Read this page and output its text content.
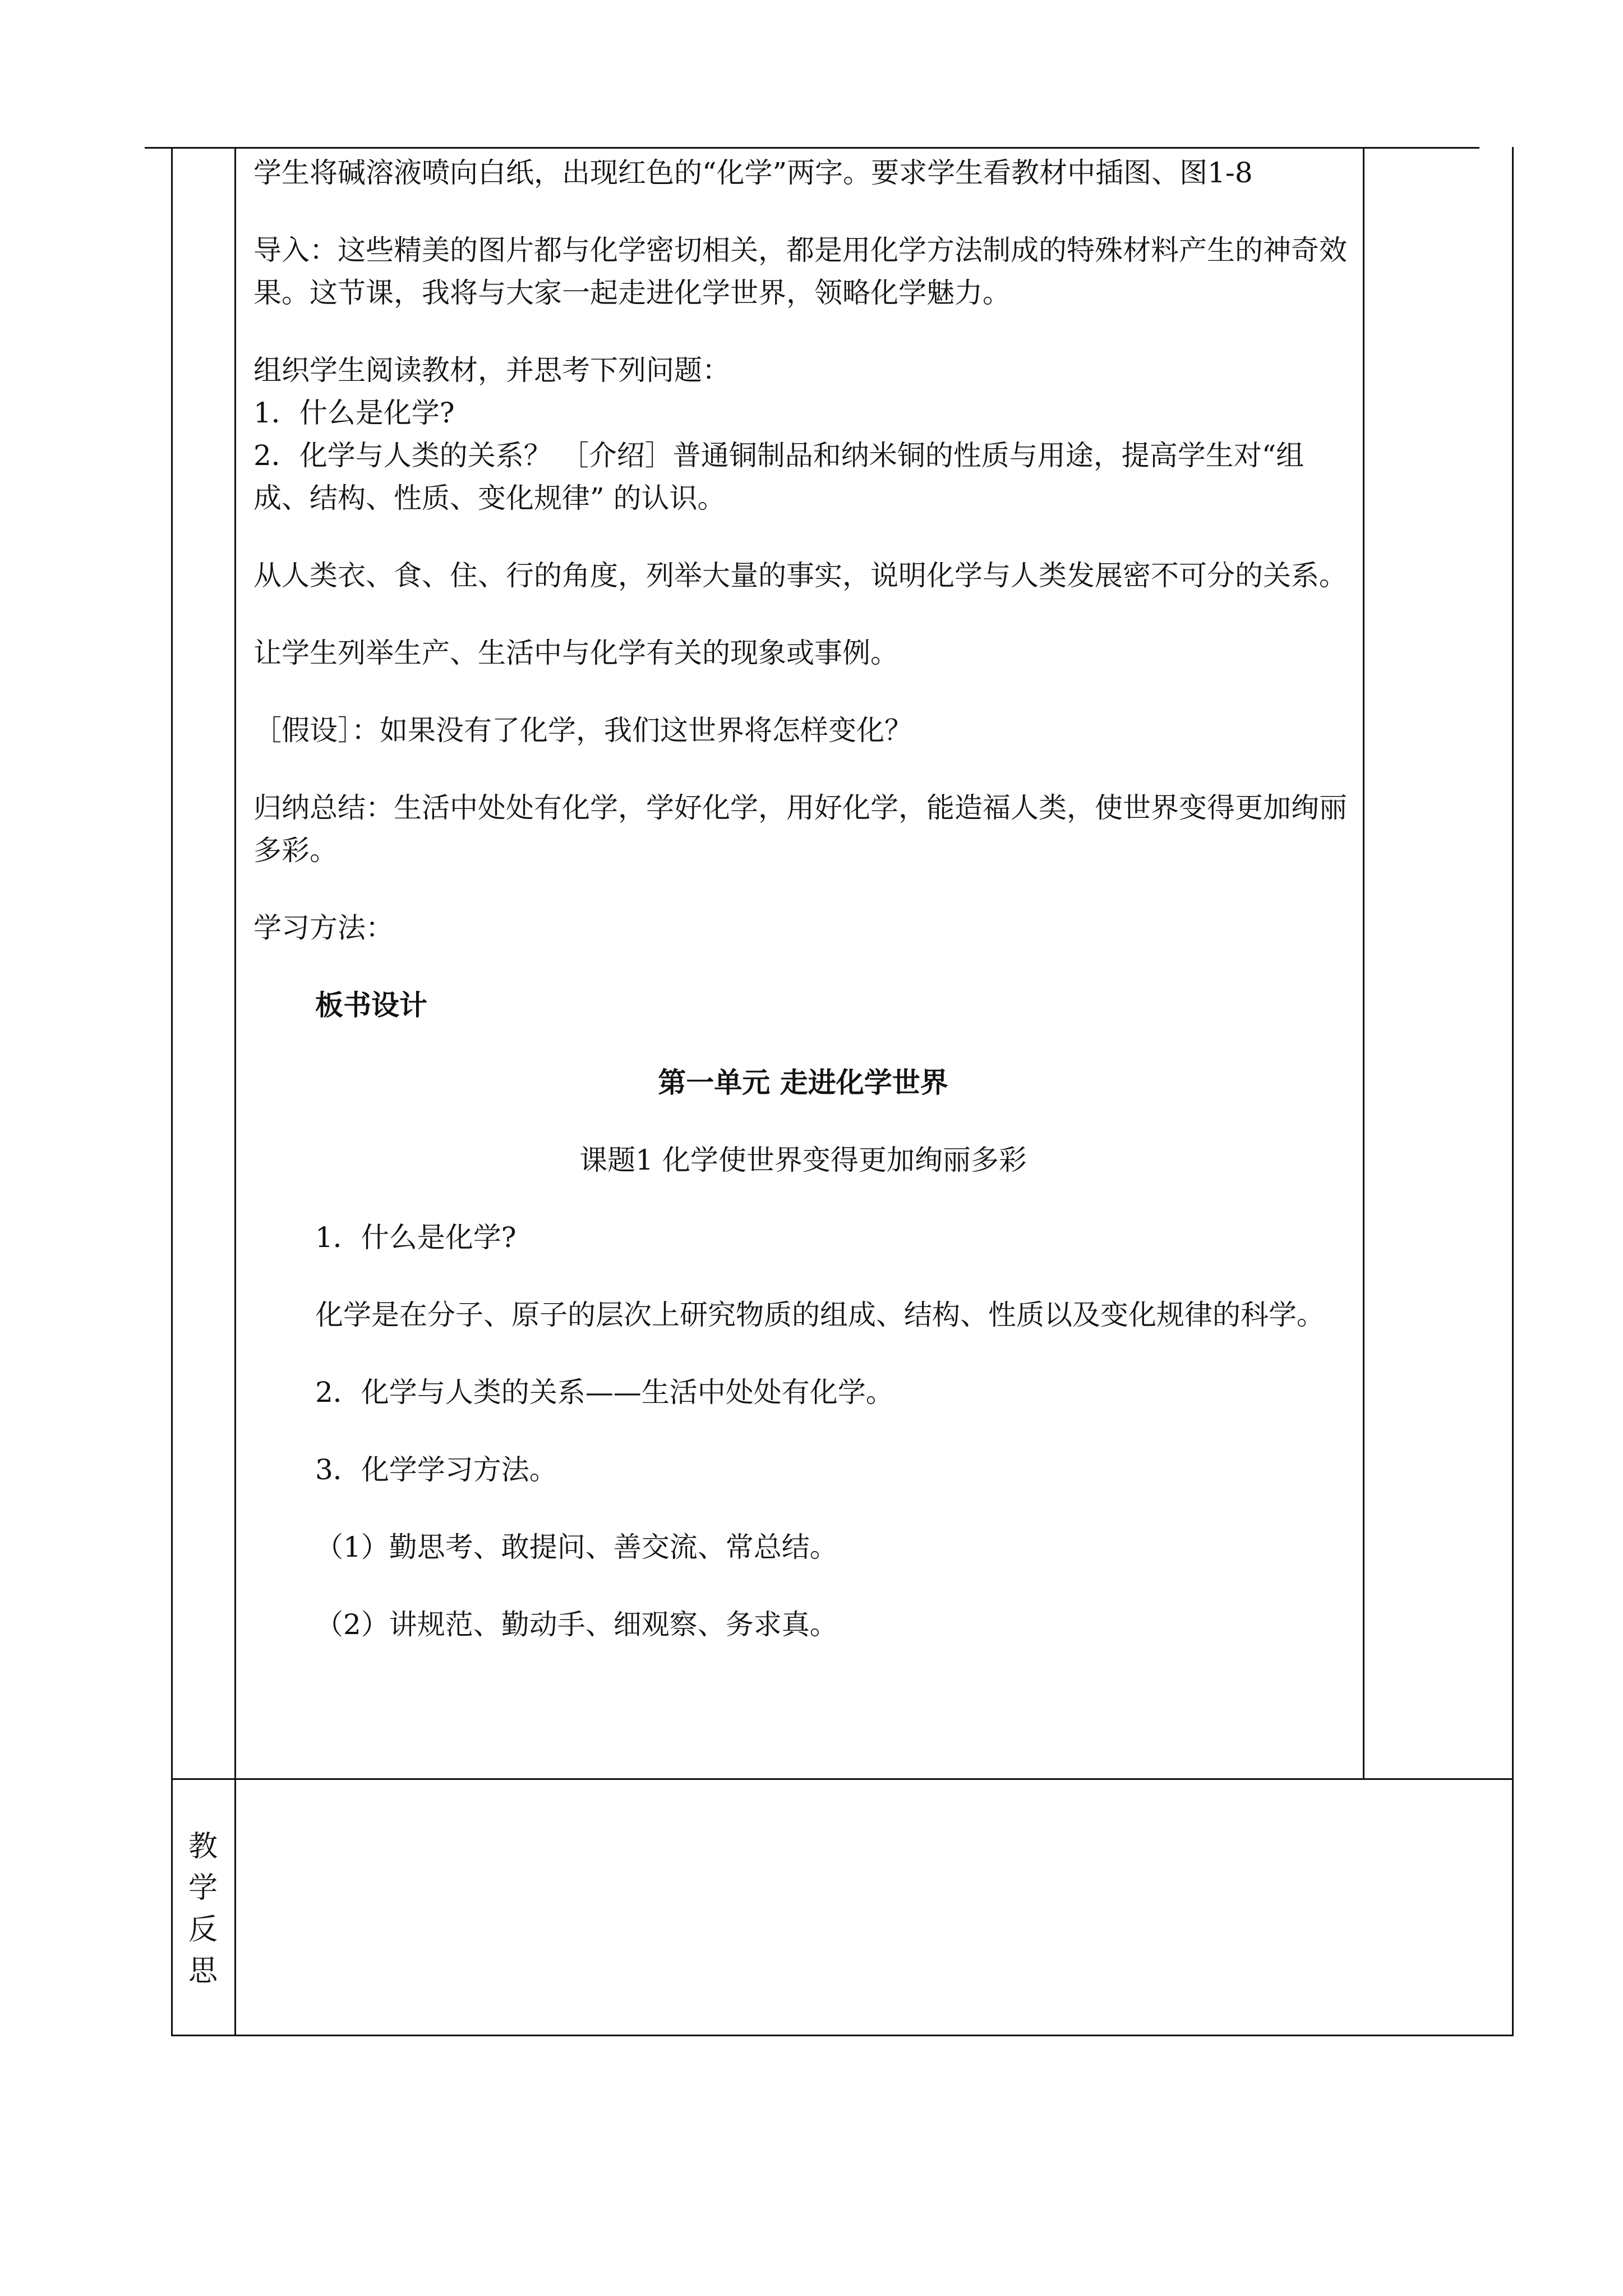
学生将碱溶液喷向白纸，出现红色的“化学”两字。要求学生看教材中插图、图1-8

导入：这些精美的图片都与化学密切相关，都是用化学方法制成的特殊材料产生的神奇效果。这节课，我将与大家一起走进化学世界，领略化学魅力。

组织学生阅读教材，并思考下列问题：

1．什么是化学?

2．化学与人类的关系？ ［介绍］普通铜制品和纳米铜的性质与用途，提高学生对“组成、结构、性质、变化规律” 的认识。

从人类衣、食、住、行的角度，列举大量的事实，说明化学与人类发展密不可分的关系。

让学生列举生产、生活中与化学有关的现象或事例。

［假设］：如果没有了化学，我们这世界将怎样变化？

归纳总结：生活中处处有化学，学好化学，用好化学，能造福人类，使世界变得更加绚丽多彩。

学习方法：

板书设计

第一单元 走进化学世界

课题1 化学使世界变得更加绚丽多彩

1．什么是化学?

化学是在分子、原子的层次上研究物质的组成、结构、性质以及变化规律的科学。

2．化学与人类的关系——生活中处处有化学。

3．化学学习方法。

（1）勤思考、敢提问、善交流、常总结。

（2）讲规范、勤动手、细观察、务求真。

教
学
反
思
